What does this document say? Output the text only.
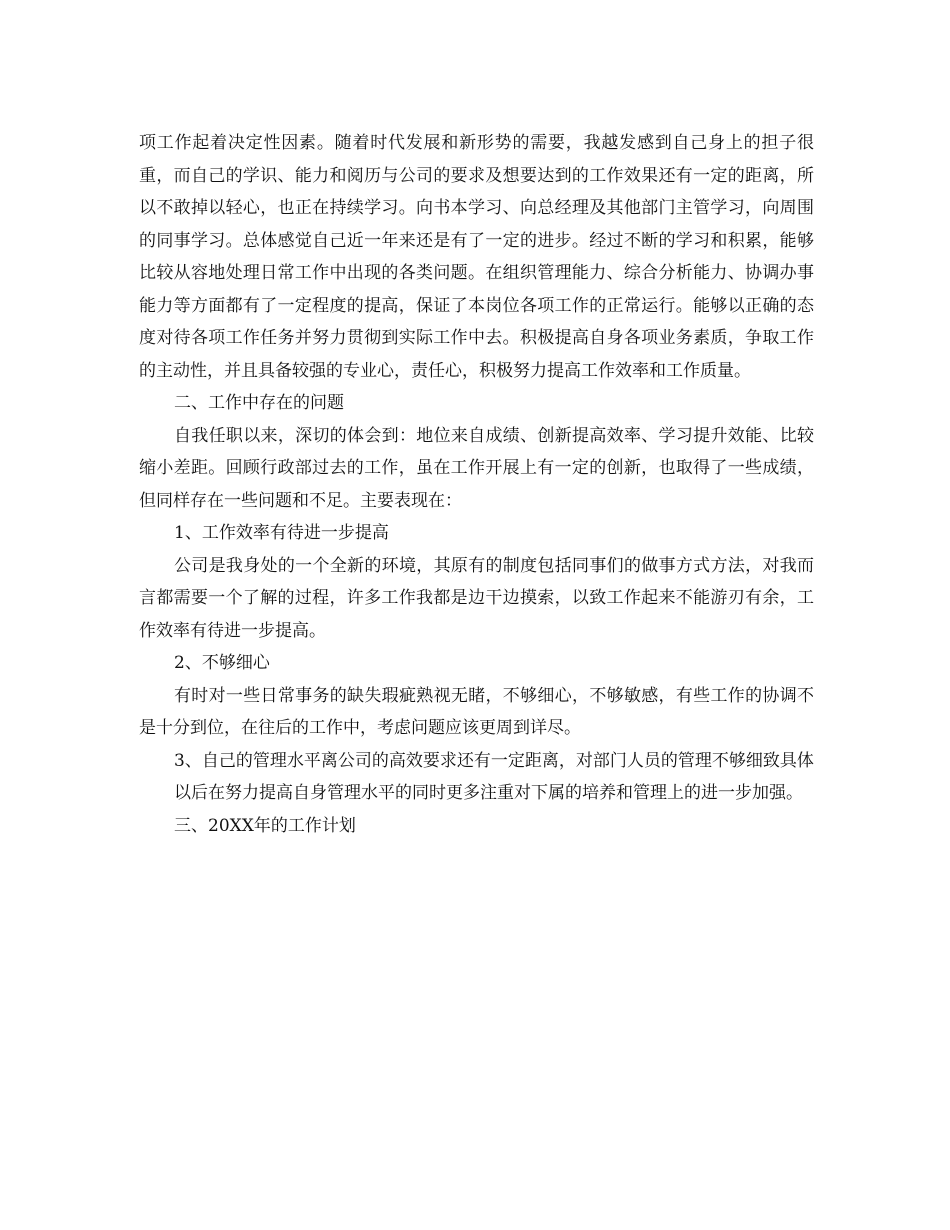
项工作起着决定性因素。随着时代发展和新形势的需要，我越发感到自己身上的担子很重，而自己的学识、能力和阅历与公司的要求及想要达到的工作效果还有一定的距离，所以不敢掉以轻心，也正在持续学习。向书本学习、向总经理及其他部门主管学习，向周围的同事学习。总体感觉自己近一年来还是有了一定的进步。经过不断的学习和积累，能够比较从容地处理日常工作中出现的各类问题。在组织管理能力、综合分析能力、协调办事能力等方面都有了一定程度的提高，保证了本岗位各项工作的正常运行。能够以正确的态度对待各项工作任务并努力贯彻到实际工作中去。积极提高自身各项业务素质，争取工作的主动性，并且具备较强的专业心，责任心，积极努力提高工作效率和工作质量。

二、工作中存在的问题

自我任职以来，深切的体会到：地位来自成绩、创新提高效率、学习提升效能、比较缩小差距。回顾行政部过去的工作，虽在工作开展上有一定的创新，也取得了一些成绩，但同样存在一些问题和不足。主要表现在：

1、工作效率有待进一步提高

公司是我身处的一个全新的环境，其原有的制度包括同事们的做事方式方法，对我而言都需要一个了解的过程，许多工作我都是边干边摸索，以致工作起来不能游刃有余，工作效率有待进一步提高。

2、不够细心

有时对一些日常事务的缺失瑕疵熟视无睹，不够细心，不够敏感，有些工作的协调不是十分到位，在往后的工作中，考虑问题应该更周到详尽。

3、自己的管理水平离公司的高效要求还有一定距离，对部门人员的管理不够细致具体

以后在努力提高自身管理水平的同时更多注重对下属的培养和管理上的进一步加强。

三、20XX年的工作计划
